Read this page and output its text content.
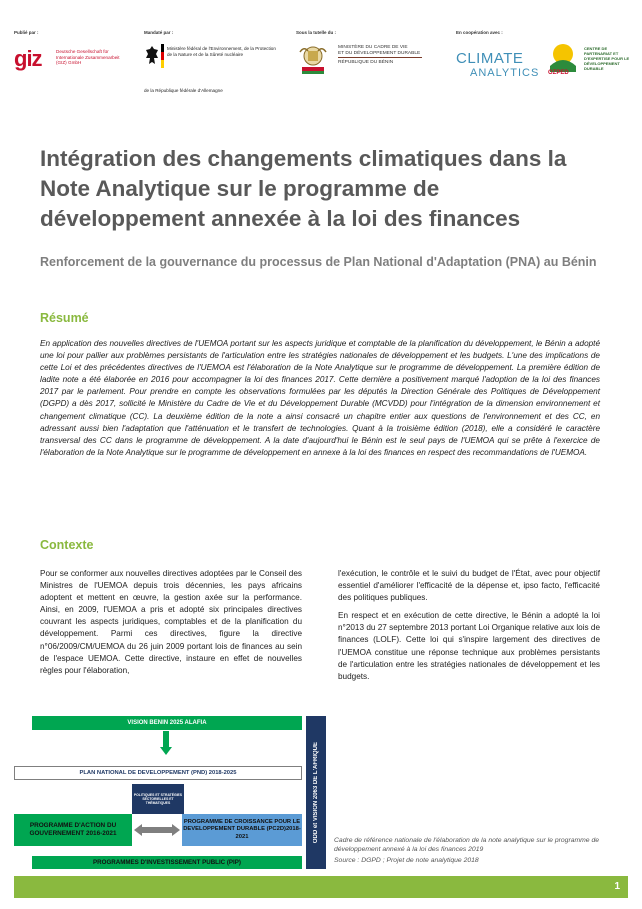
Publié par :	Mandaté par :	Sous la tutelle du :	En coopération avec :
giz	Deutsche Gesellschaft für Internationale Zusammenarbeit (GIZ) GmbH
Ministère fédéral de l'Environnement, de la Protection de la Nature et de la Sûreté nucléaire
de la République fédérale d'Allemagne
MINISTÈRE DU CADRE DE VIE
ET DU DÉVELOPPEMENT DURABLE
RÉPUBLIQUE DU BÉNIN	CLIMATE
ANALYTICS OZPED
CENTRE DE PARTENARIAT ET D'EXPERTISE POUR LE DÉVELOPPEMENT DURABLE
Intégration des changements climatiques dans la Note Analytique sur le programme de développement annexée à la loi des finances
Renforcement de la gouvernance du processus de Plan National d'Adaptation (PNA) au Bénin
Résumé
En application des nouvelles directives de l'UEMOA portant sur les aspects juridique et comptable de la planification du développement, le Bénin a adopté une loi pour pallier aux problèmes persistants de l'articulation entre les stratégies nationales de développement et les budgets. L'une des implications de cette Loi et des précédentes directives de l'UEMOA est l'élaboration de la Note Analytique sur le programme de développement. La première édition de ladite note a été élaborée en 2016 pour accompagner la loi des finances 2017. Cette dernière a positivement marqué l'adoption de la loi des finances 2017 par le parlement. Pour prendre en compte les observations formulées par les députés la Direction Générale des Politiques de Développement (DGPD) a dès 2017, sollicité le Ministère du Cadre de Vie et du Développement Durable (MCVDD) pour l'intégration de la dimension environnement et changement climatique (CC). La deuxième édition de la note a ainsi consacré un chapitre entier aux questions de l'environnement et des CC, en adressant aussi bien l'adaptation que l'atténuation et le transfert de technologies. Quant à la troisième édition (2018), elle a considéré le caractère transversal des CC dans le programme de développement. A la date d'aujourd'hui le Bénin est le seul pays de l'UEMOA qui se prête à l'exercice de l'élaboration de la Note Analytique sur le programme de développement en annexe à la loi des finances en respect des recommandations de l'UEMOA.
Contexte

Pour se conformer aux nouvelles directives adoptées par le Conseil des Ministres de l'UEMOA depuis trois décennies, les pays africains adoptent et mettent en œuvre, la gestion axée sur la performance. Ainsi, en 2009, l'UEMOA a pris et adopté six principales directives couvrant les aspects juridiques, comptables et de la planification du développement. Parmi ces directives, figure la directive n°06/2009/CM/UEMOA du 26 juin 2009 portant lois de finances au sein de l'espace UEMOA. Cette directive, instaure en effet de nouvelles règles pour l'élaboration,

l'exécution, le contrôle et le suivi du budget de l'État, avec pour objectif essentiel d'améliorer l'efficacité de la dépense et, ipso facto, l'efficacité des politiques publiques.

En respect et en exécution de cette directive, le Bénin a adopté la loi n°2013 du 27 septembre 2013 portant Loi Organique relative aux lois de finances (LOLF). Cette loi qui s'inspire largement des directives de l'UEMOA constitue une réponse technique aux problèmes persistants de l'articulation entre les stratégies nationales de développement et les budgets.

VISION BENIN 2025 ALAFIA
PLAN NATIONAL DE DEVELOPPEMENT (PND) 2018-2025
POLITIQUES ET STRATÉGIES SECTORIELLES ET THÉMATIQUES
PROGRAMME D'ACTION DU GOUVERNEMENT 2016-2021
PROGRAMME DE CROISSANCE POUR LE DEVELOPPEMENT DURABLE (PC2D)2018-2021
PROGRAMMES D'INVESTISSEMENT PUBLIC (PIP)
ODD et VISION 2063 DE L'AFRIQUE Cadre de référence nationale de l'élaboration de la note analytique sur le programme de développement annexé à la loi des finances 2019
Source : DGPD ; Projet de note analytique 2018
1
